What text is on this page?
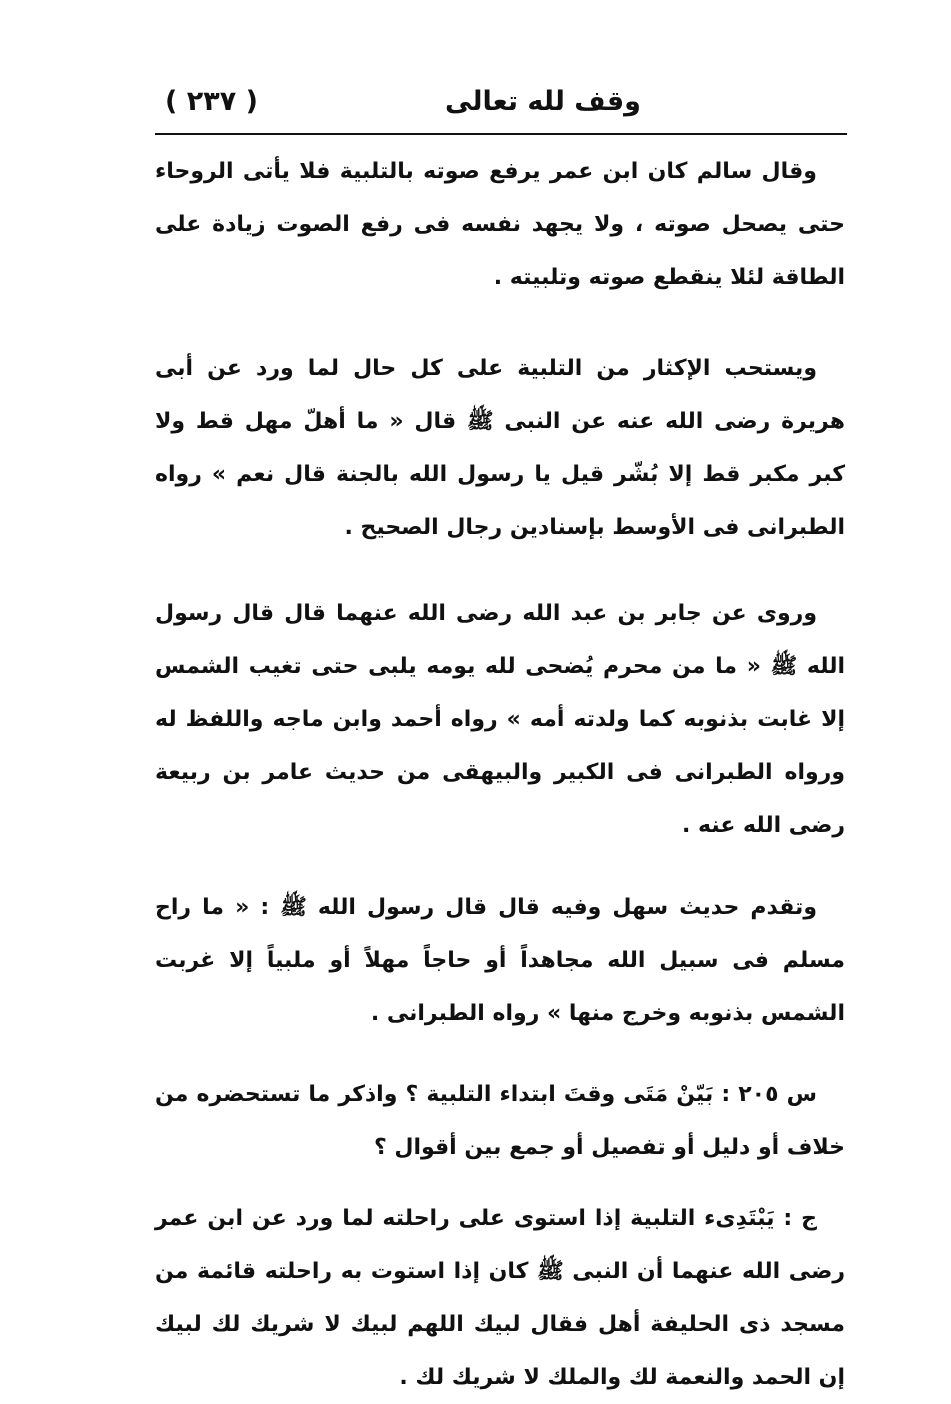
( ٢٣٧ )	وقف لله تعالى

وقال سالم كان ابن عمر يرفع صوته بالتلبية فلا يأتى الروحاء حتى يصحل صوته ، ولا يجهد نفسه فى رفع الصوت زيادة على الطاقة لئلا ينقطع صوته وتلبيته .

ويستحب الإكثار من التلبية على كل حال لما ورد عن أبى هريرة رضى الله عنه عن النبى ﷺ قال « ما أهلّ مهل قط ولا كبر مكبر قط إلا بُشّر قيل يا رسول الله بالجنة قال نعم » رواه الطبرانى فى الأوسط بإسنادين رجال الصحيح .

وروى عن جابر بن عبد الله رضى الله عنهما قال قال رسول الله ﷺ « ما من محرم يُضحى لله يومه يلبى حتى تغيب الشمس إلا غابت بذنوبه كما ولدته أمه » رواه أحمد وابن ماجه واللفظ له ورواه الطبرانى فى الكبير والبيهقى من حديث عامر بن ربيعة رضى الله عنه .

وتقدم حديث سهل وفيه قال قال رسول الله ﷺ : « ما راح مسلم فى سبيل الله مجاهداً أو حاجاً مهلاً أو ملبياً إلا غربت الشمس بذنوبه وخرج منها » رواه الطبرانى .

س ٢٠٥ : بَيّنْ مَتَى وقتَ ابتداء التلبية ؟ واذكر ما تستحضره من خلاف أو دليل أو تفصيل أو جمع بين أقوال ؟

ج : يَبْتَدِىء التلبية إذا استوى على راحلته لما ورد عن ابن عمر رضى الله عنهما أن النبى ﷺ كان إذا استوت به راحلته قائمة من مسجد ذى الحليفة أهل فقال لبيك اللهم لبيك لا شريك لك لبيك إن الحمد والنعمة لك والملك لا شريك لك .
